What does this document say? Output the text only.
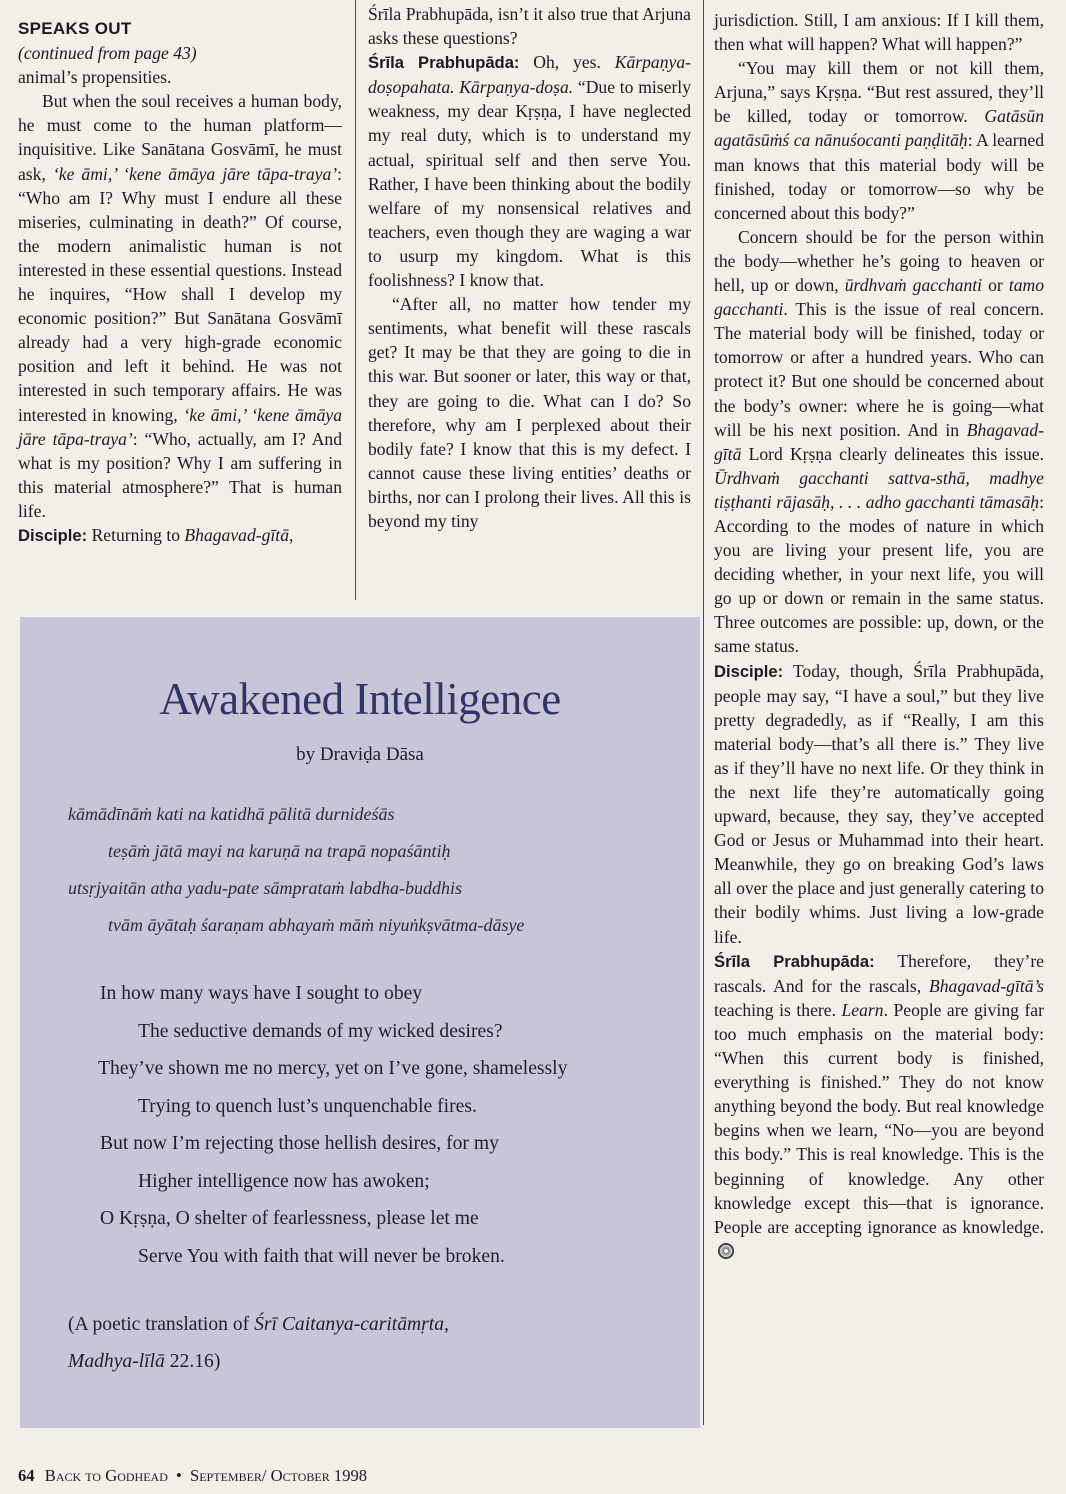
SPEAKS OUT

(continued from page 43)

animal’s propensities.

But when the soul receives a human body, he must come to the human platform—inquisitive. Like Sanātana Gosvāmī, he must ask, ‘ke āmi,’ ‘kene āmāya jāre tāpa-traya’: “Who am I? Why must I endure all these miseries, culminating in death?” Of course, the modern animalistic human is not interested in these essential questions. Instead he inquires, “How shall I develop my economic position?” But Sanātana Gosvāmī already had a very high-grade economic position and left it behind. He was not interested in such temporary affairs. He was interested in knowing, ‘ke āmi,’ ‘kene āmāya jāre tāpa-traya’: “Who, actually, am I? And what is my position? Why I am suffering in this material atmosphere?” That is human life.

Disciple: Returning to Bhagavad-gītā,

Śrīla Prabhupāda, isn’t it also true that Arjuna asks these questions?

Śrīla Prabhupāda: Oh, yes. Kārpaṇya-doṣopahata. Kārpaṇya-doṣa. “Due to miserly weakness, my dear Kṛṣṇa, I have neglected my real duty, which is to understand my actual, spiritual self and then serve You. Rather, I have been thinking about the bodily welfare of my nonsensical relatives and teachers, even though they are waging a war to usurp my kingdom. What is this foolishness? I know that.

“After all, no matter how tender my sentiments, what benefit will these rascals get? It may be that they are going to die in this war. But sooner or later, this way or that, they are going to die. What can I do? So therefore, why am I perplexed about their bodily fate? I know that this is my defect. I cannot cause these living entities’ deaths or births, nor can I prolong their lives. All this is beyond my tiny

jurisdiction. Still, I am anxious: If I kill them, then what will happen? What will happen?”

“You may kill them or not kill them, Arjuna,” says Kṛṣṇa. “But rest assured, they’ll be killed, today or tomorrow. Gatāsūn agatāsūṁś ca nānuśocanti paṇḍitāḥ: A learned man knows that this material body will be finished, today or tomorrow—so why be concerned about this body?”

Concern should be for the person within the body—whether he’s going to heaven or hell, up or down, ūrdhvaṁ gacchanti or tamo gacchanti. This is the issue of real concern. The material body will be finished, today or tomorrow or after a hundred years. Who can protect it? But one should be concerned about the body’s owner: where he is going—what will be his next position. And in Bhagavad-gītā Lord Kṛṣṇa clearly delineates this issue. Ūrdhvaṁ gacchanti sattva-sthā, madhye tiṣṭhanti rājasāḥ, . . . adho gacchanti tāmasāḥ: According to the modes of nature in which you are living your present life, you are deciding whether, in your next life, you will go up or down or remain in the same status. Three outcomes are possible: up, down, or the same status.

Disciple: Today, though, Śrīla Prabhupāda, people may say, “I have a soul,” but they live pretty degradedly, as if “Really, I am this material body—that’s all there is.” They live as if they’ll have no next life. Or they think in the next life they’re automatically going upward, because, they say, they’ve accepted God or Jesus or Muhammad into their heart. Meanwhile, they go on breaking God’s laws all over the place and just generally catering to their bodily whims. Just living a low-grade life.

Śrīla Prabhupāda: Therefore, they’re rascals. And for the rascals, Bhagavad-gītā’s teaching is there. Learn. People are giving far too much emphasis on the material body: “When this current body is finished, everything is finished.” They do not know anything beyond the body. But real knowledge begins when we learn, “No—you are beyond this body.” This is real knowledge. This is the beginning of knowledge. Any other knowledge except this—that is ignorance. People are accepting ignorance as knowledge.

Awakened Intelligence
by Draviḍa Dāsa
kāmādīnāṁ kati na katidhā pālitā durnideśās
teṣāṁ jātā mayi na karuṇā na trapā nopaśāntiḥ
utsṛjyaitān atha yadu-pate sāmprataṁ labdha-buddhis
tvām āyātaḥ śaraṇam abhayaṁ māṁ niyuṅkṣvātma-dāsye
In how many ways have I sought to obey
The seductive demands of my wicked desires?
They’ve shown me no mercy, yet on I’ve gone, shamelessly
Trying to quench lust’s unquenchable fires.
But now I’m rejecting those hellish desires, for my
Higher intelligence now has awoken;
O Kṛṣṇa, O shelter of fearlessness, please let me
Serve You with faith that will never be broken.
(A poetic translation of Śrī Caitanya-caritāmṛta,
Madhya-līlā 22.16)
64 Back to Godhead • September/ October 1998
